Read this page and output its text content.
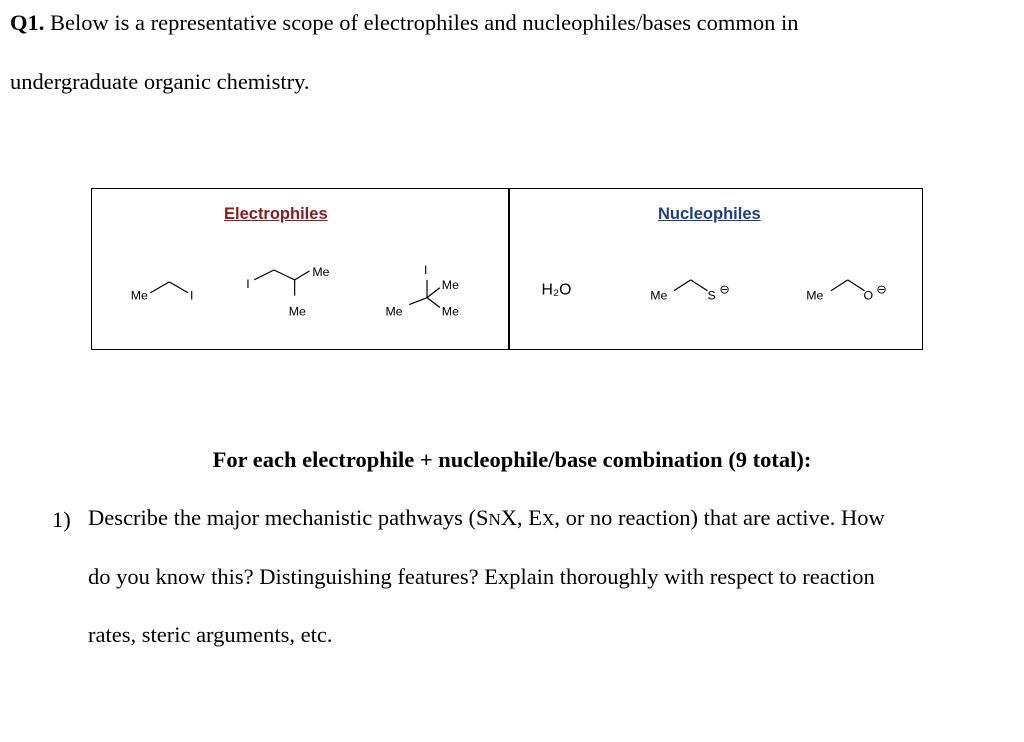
Q1. Below is a representative scope of electrophiles and nucleophiles/bases common in
undergraduate organic chemistry.
Electrophiles	Nucleophiles
Me	I
I
Me
Me
I
Me
Me	Me
H₂O	Me	S ⊖	Me	O ⊖
For each electrophile + nucleophile/base combination (9 total):
1) Describe the major mechanistic pathways (SNX, EX, or no reaction) that are active. How
do you know this? Distinguishing features? Explain thoroughly with respect to reaction
rates, steric arguments, etc.
